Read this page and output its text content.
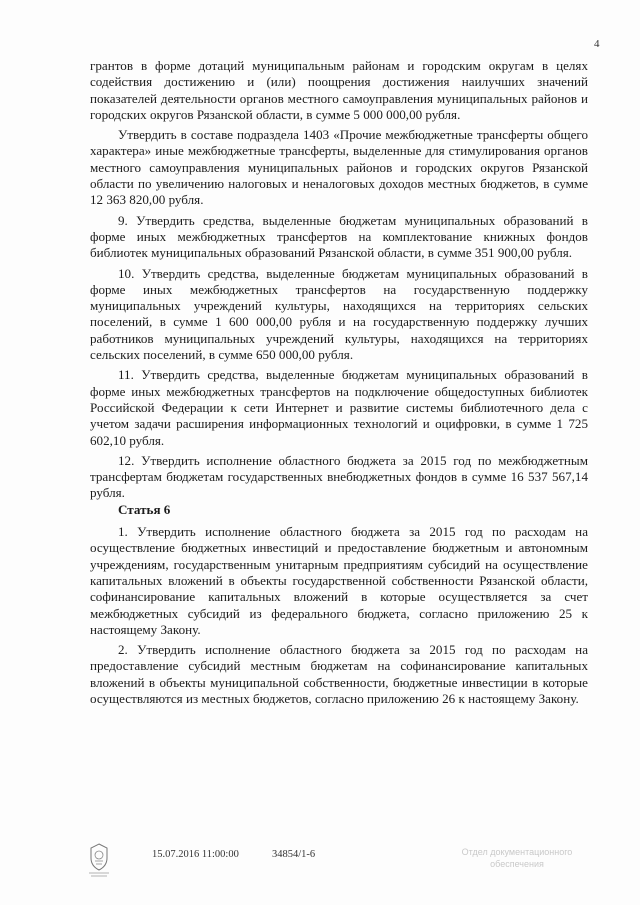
4

грантов в форме дотаций муниципальным районам и городским округам в целях содействия достижению и (или) поощрения достижения наилучших значений показателей деятельности органов местного самоуправления муниципальных районов и городских округов Рязанской области, в сумме 5 000 000,00 рубля.

Утвердить в составе подраздела 1403 «Прочие межбюджетные трансферты общего характера» иные межбюджетные трансферты, выделенные для стимулирования органов местного самоуправления муниципальных районов и городских округов Рязанской области по увеличению налоговых и неналоговых доходов местных бюджетов, в сумме 12 363 820,00 рубля.

9. Утвердить средства, выделенные бюджетам муниципальных образований в форме иных межбюджетных трансфертов на комплектование книжных фондов библиотек муниципальных образований Рязанской области, в сумме 351 900,00 рубля.

10. Утвердить средства, выделенные бюджетам муниципальных образований в форме иных межбюджетных трансфертов на государственную поддержку муниципальных учреждений культуры, находящихся на территориях сельских поселений, в сумме 1 600 000,00 рубля и на государственную поддержку лучших работников муниципальных учреждений культуры, находящихся на территориях сельских поселений, в сумме 650 000,00 рубля.

11. Утвердить средства, выделенные бюджетам муниципальных образований в форме иных межбюджетных трансфертов на подключение общедоступных библиотек Российской Федерации к сети Интернет и развитие системы библиотечного дела с учетом задачи расширения информационных технологий и оцифровки, в сумме 1 725 602,10 рубля.

12. Утвердить исполнение областного бюджета за 2015 год по межбюджетным трансфертам бюджетам государственных внебюджетных фондов в сумме 16 537 567,14 рубля.

Статья 6

1. Утвердить исполнение областного бюджета за 2015 год по расходам на осуществление бюджетных инвестиций и предоставление бюджетным и автономным учреждениям, государственным унитарным предприятиям субсидий на осуществление капитальных вложений в объекты государственной собственности Рязанской области, софинансирование капитальных вложений в которые осуществляется за счет межбюджетных субсидий из федерального бюджета, согласно приложению 25 к настоящему Закону.

2. Утвердить исполнение областного бюджета за 2015 год по расходам на предоставление субсидий местным бюджетам на софинансирование капитальных вложений в объекты муниципальной собственности, бюджетные инвестиции в которые осуществляются из местных бюджетов, согласно приложению 26 к настоящему Закону.

15.07.2016 11:00:00	34854/1-6	Отдел документационного обеспечения
